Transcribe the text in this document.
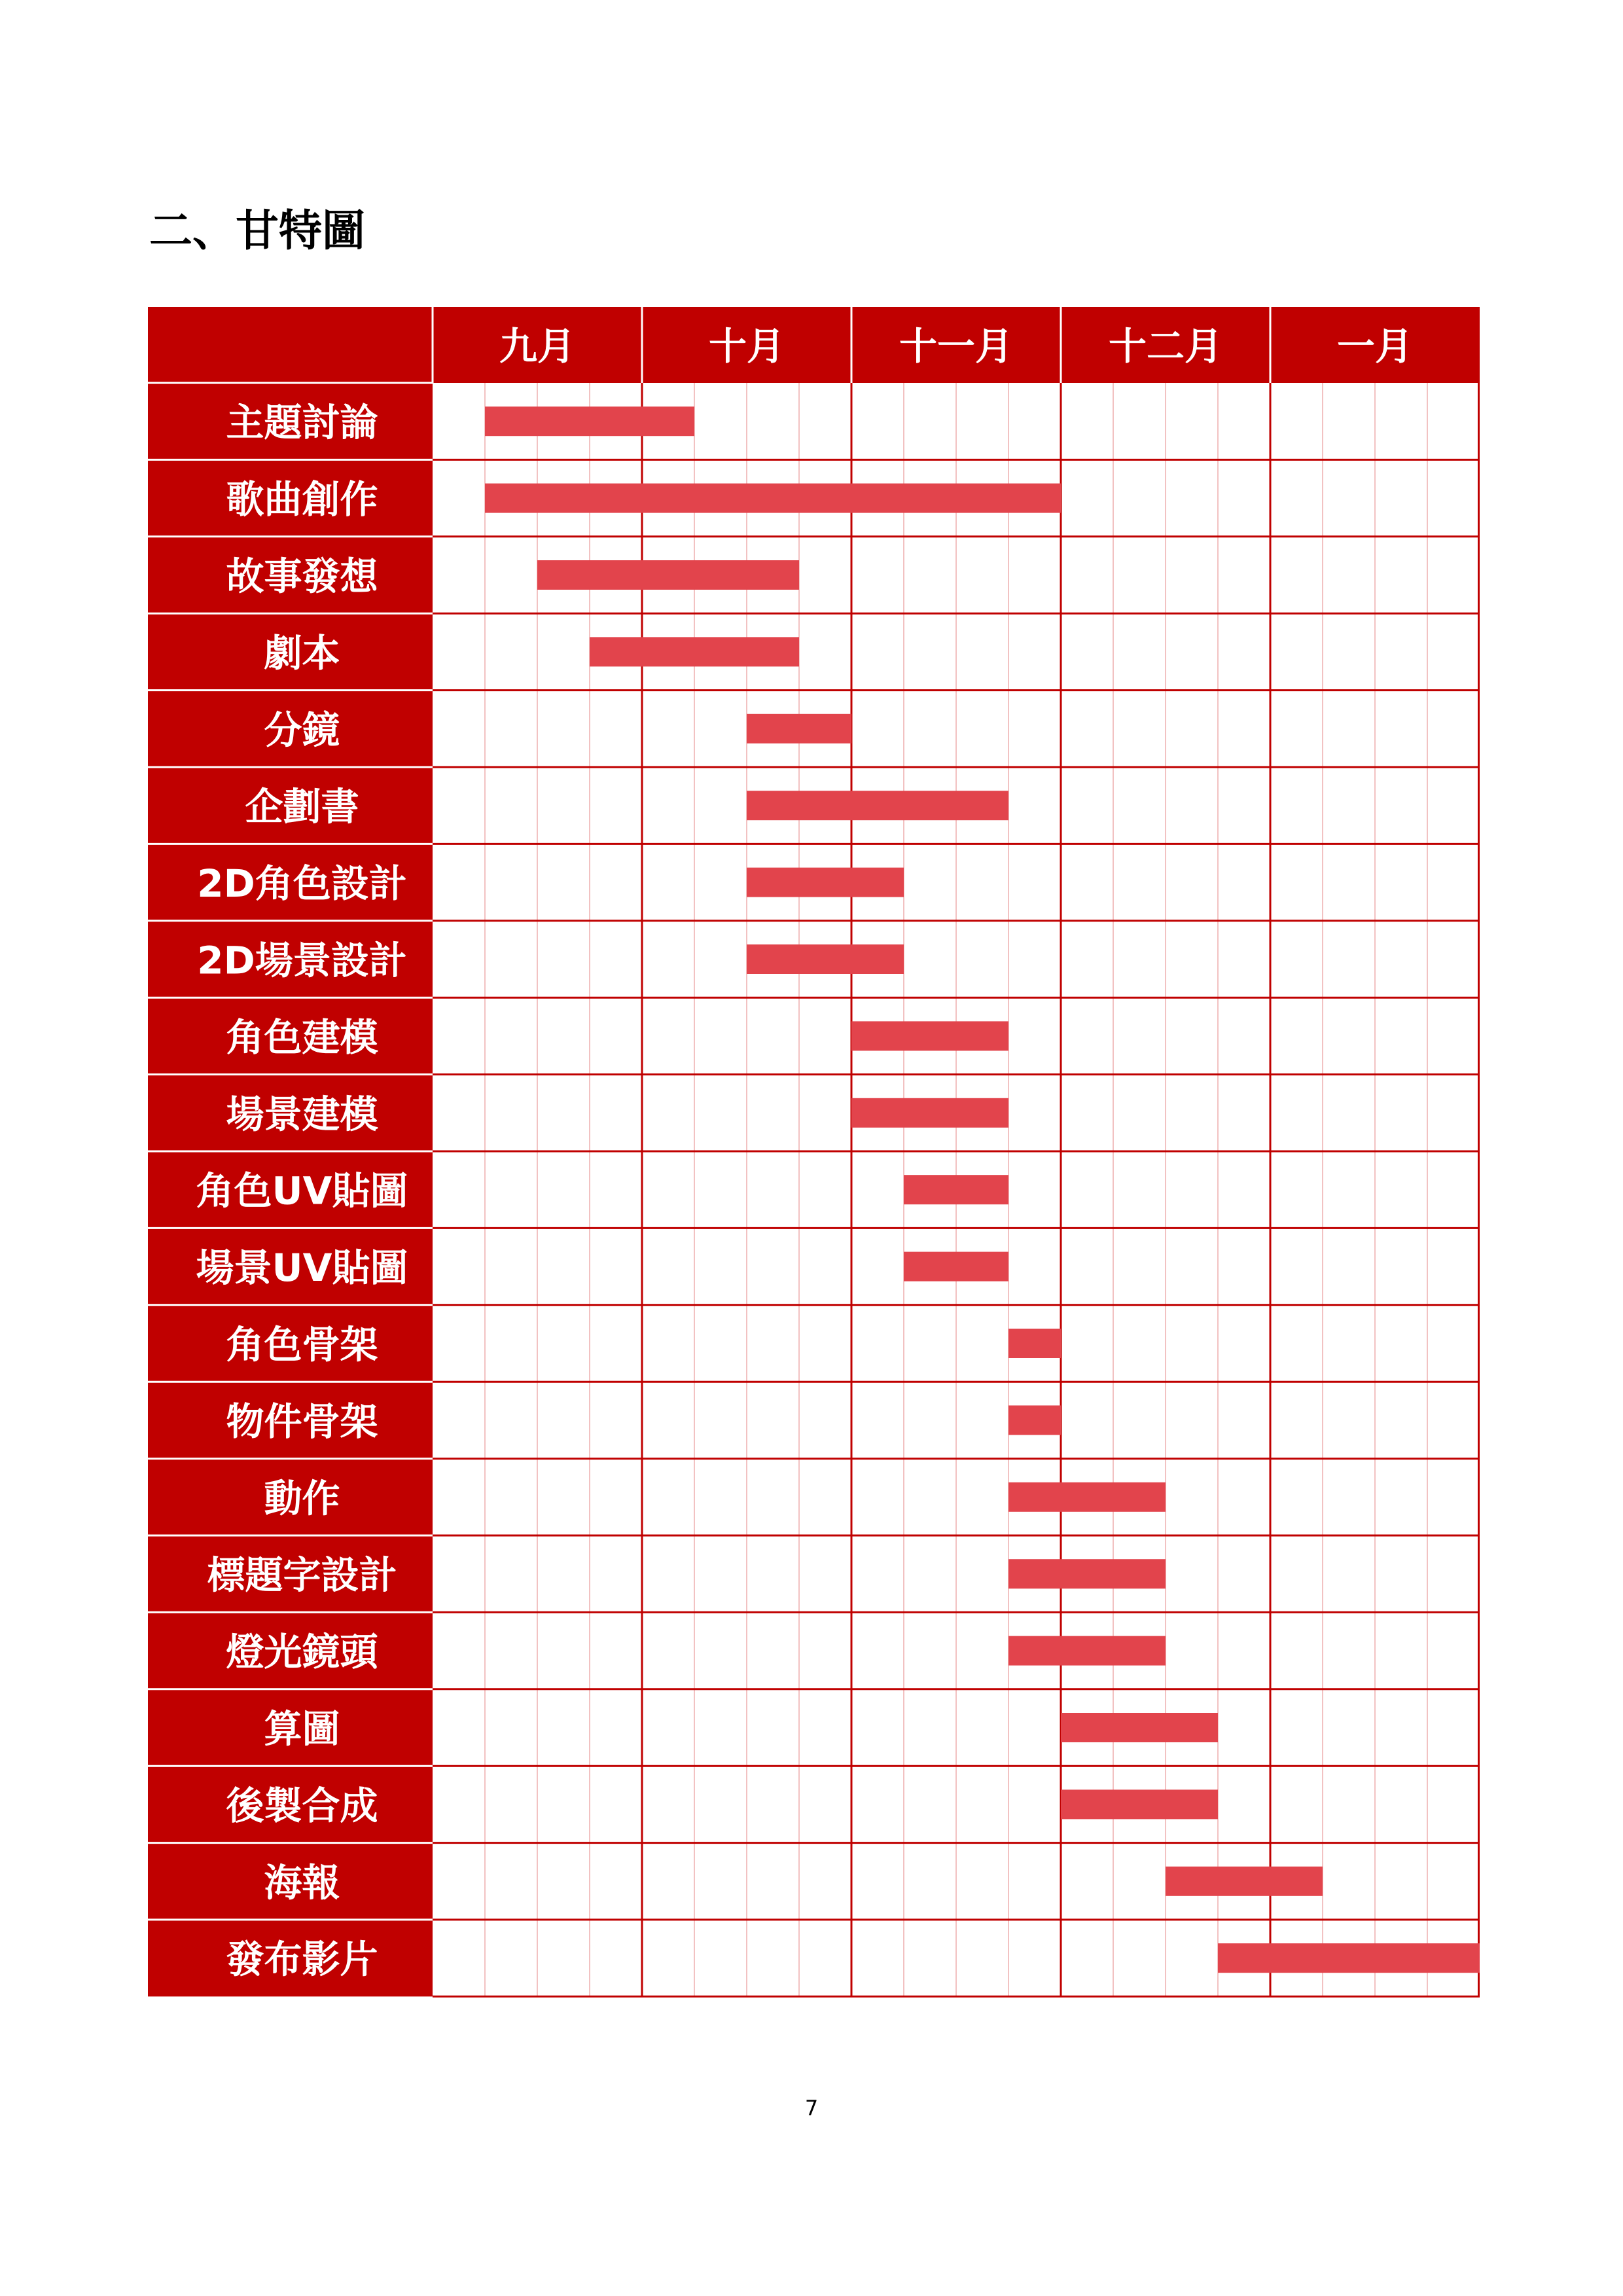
二、甘特圖
九月	十月	十一月	十二月	一月
主題討論
歌曲創作
故事發想
劇本
分鏡
企劃書
2D角色設計
2D場景設計
角色建模
場景建模
角色UV貼圖
場景UV貼圖
角色骨架
物件骨架
動作
標題字設計
燈光鏡頭
算圖
後製合成
海報
發布影片
7
